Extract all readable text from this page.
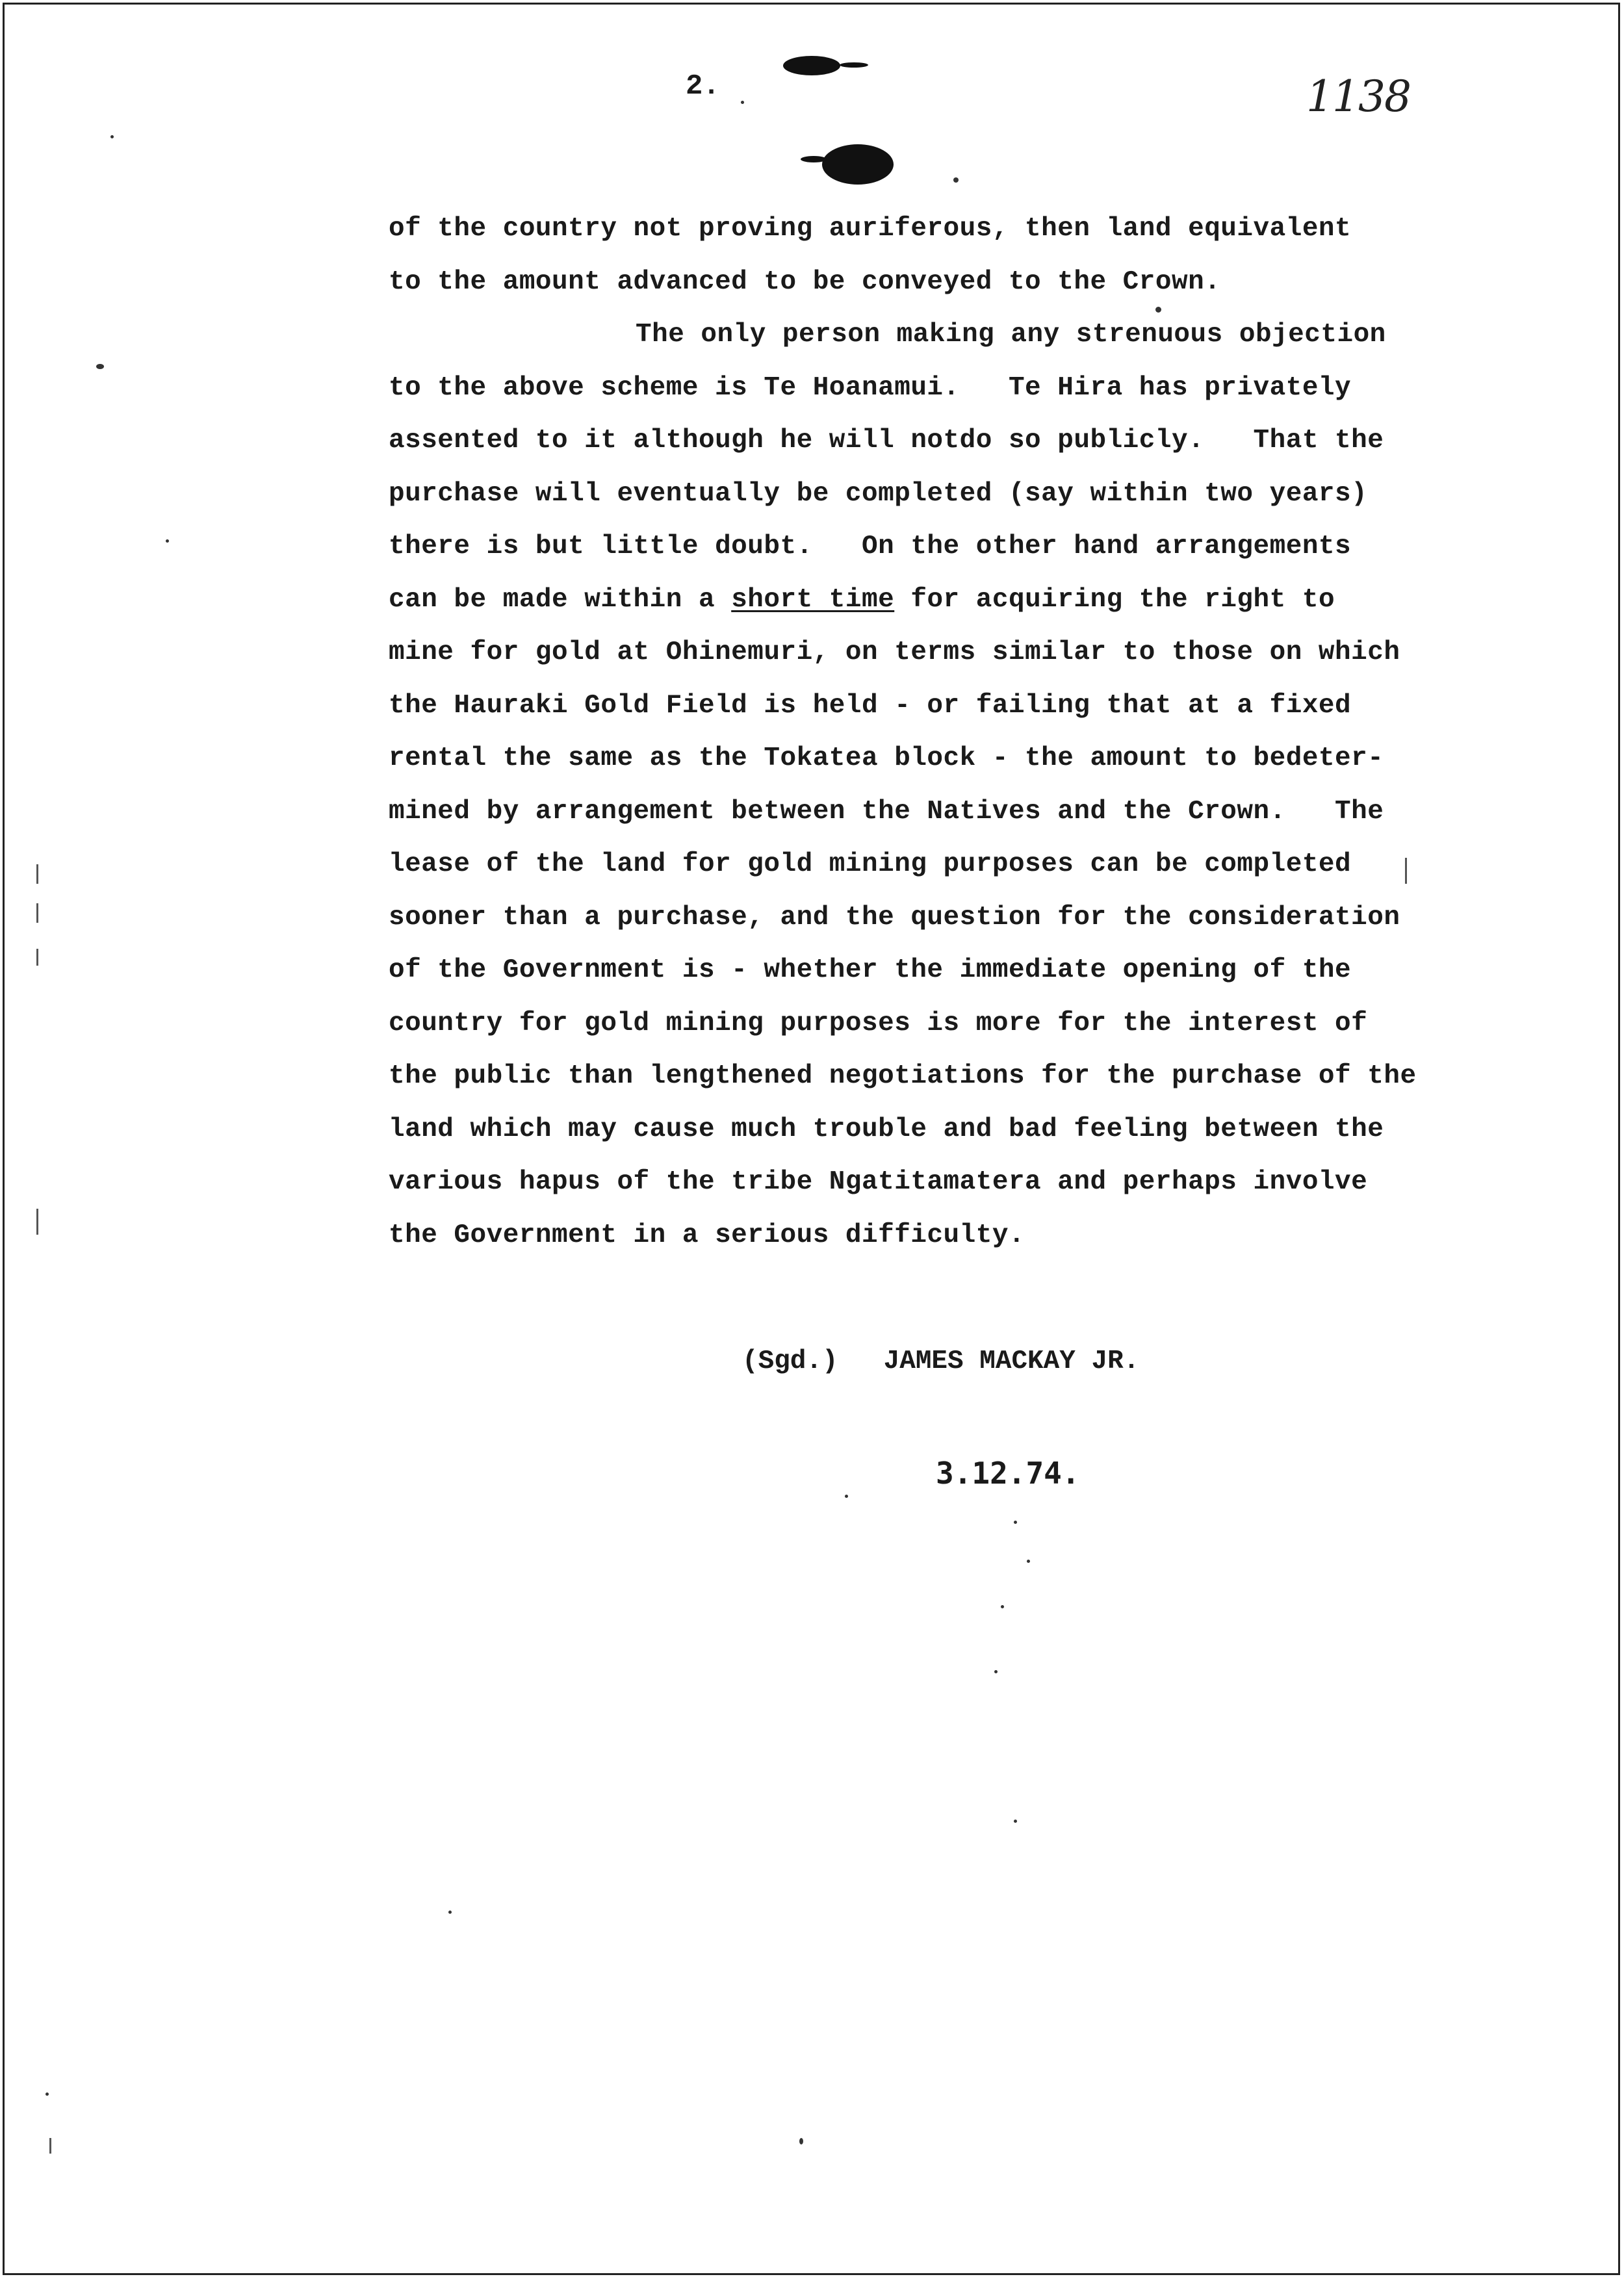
2.	1138
of the country not proving auriferous, then land equivalent
to the amount advanced to be conveyed to the Crown.
The only person making any strenuous objection
to the above scheme is Te Hoanamui.   Te Hira has privately
assented to it although he will notdo so publicly.   That the
purchase will eventually be completed (say within two years)
there is but little doubt.   On the other hand arrangements
can be made within a short time for acquiring the right to
mine for gold at Ohinemuri, on terms similar to those on which
the Hauraki Gold Field is held - or failing that at a fixed
rental the same as the Tokatea block - the amount to bedeter-
mined by arrangement between the Natives and the Crown.   The
lease of the land for gold mining purposes can be completed
sooner than a purchase, and the question for the consideration
of the Government is - whether the immediate opening of the
country for gold mining purposes is more for the interest of
the public than lengthened negotiations for the purchase of the
land which may cause much trouble and bad feeling between the
various hapus of the tribe Ngatitamatera and perhaps involve
the Government in a serious difficulty.
(Sgd.) JAMES MACKAY JR.
3.12.74.
